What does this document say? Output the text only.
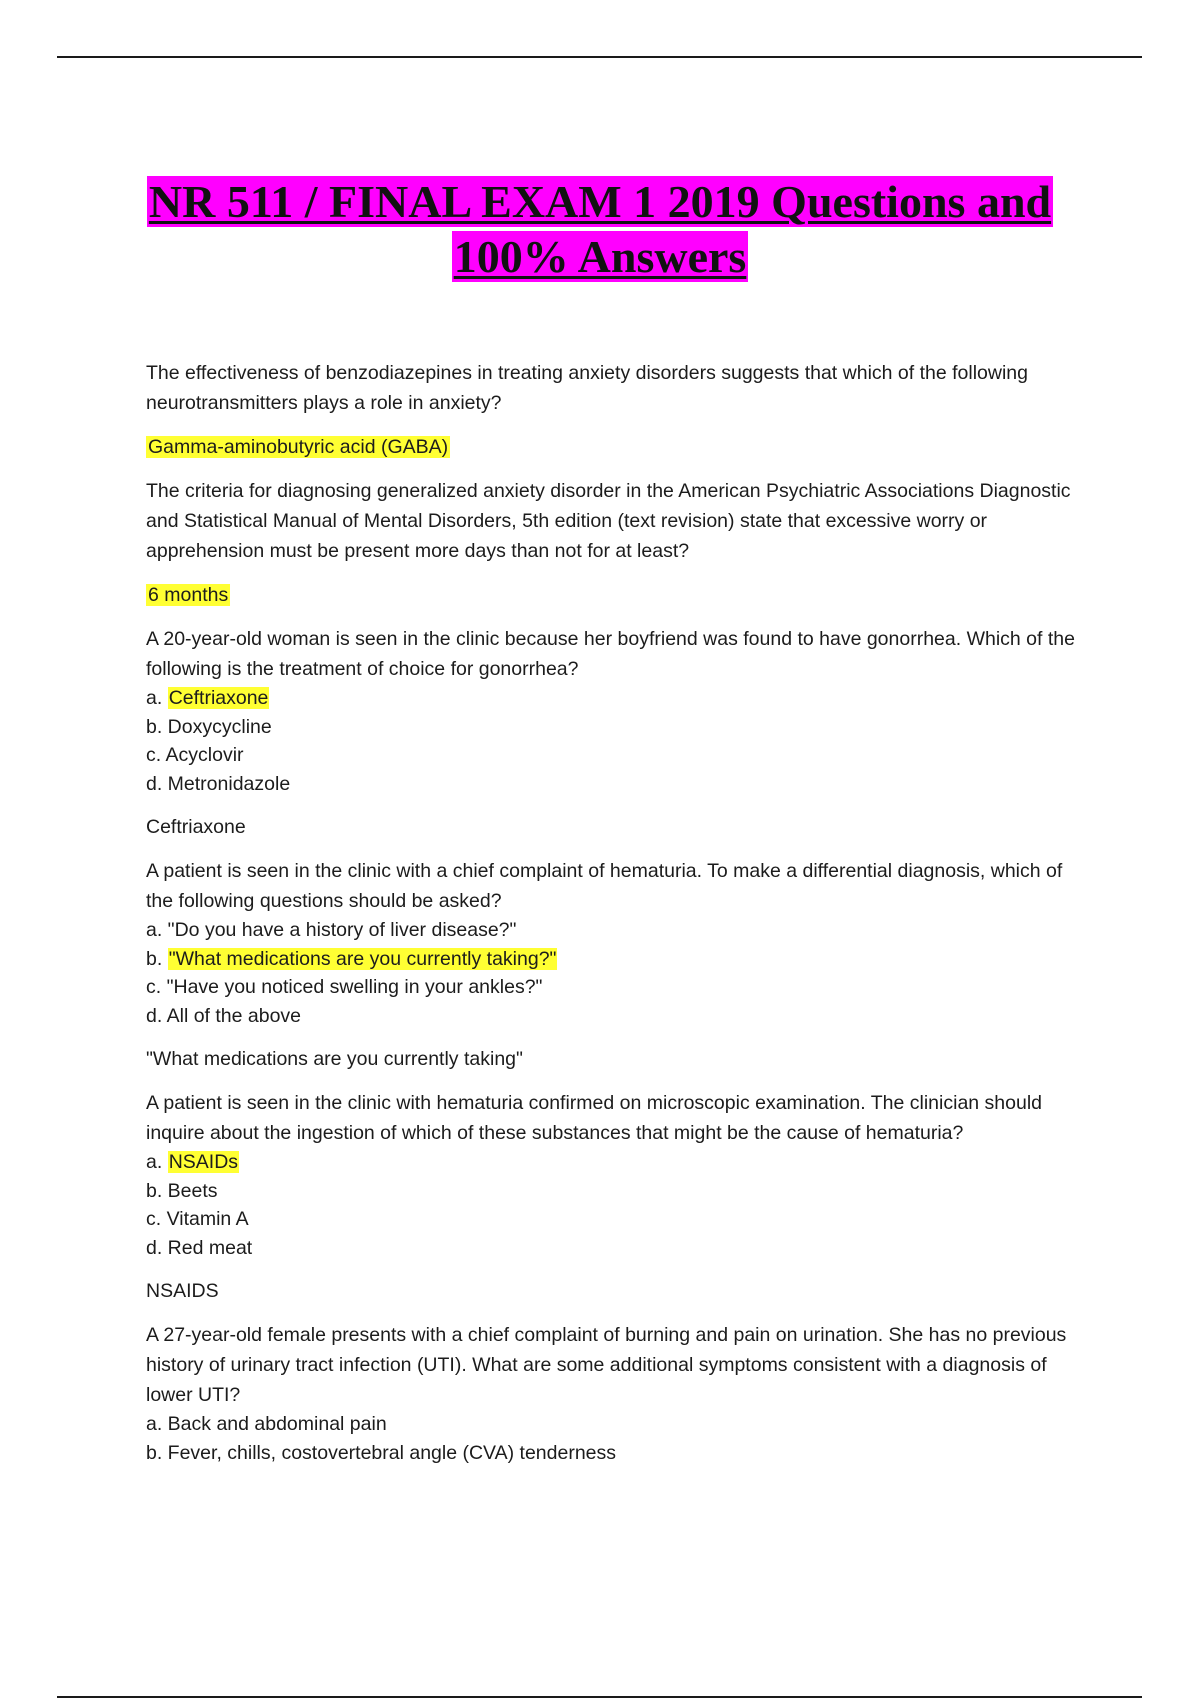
NR 511 / FINAL EXAM 1 2019 Questions and
100% Answers

The effectiveness of benzodiazepines in treating anxiety disorders suggests that which of the following neurotransmitters plays a role in anxiety?

Gamma-aminobutyric acid (GABA)

The criteria for diagnosing generalized anxiety disorder in the American Psychiatric Associations Diagnostic and Statistical Manual of Mental Disorders, 5th edition (text revision) state that excessive worry or apprehension must be present more days than not for at least?

6 months

A 20-year-old woman is seen in the clinic because her boyfriend was found to have gonorrhea. Which of the following is the treatment of choice for gonorrhea?

a. Ceftriaxone

b. Doxycycline

c. Acyclovir

d. Metronidazole

Ceftriaxone

A patient is seen in the clinic with a chief complaint of hematuria. To make a differential diagnosis, which of the following questions should be asked?

a. "Do you have a history of liver disease?"

b. "What medications are you currently taking?"

c. "Have you noticed swelling in your ankles?"

d. All of the above

"What medications are you currently taking"

A patient is seen in the clinic with hematuria confirmed on microscopic examination. The clinician should inquire about the ingestion of which of these substances that might be the cause of hematuria?

a. NSAIDs

b. Beets

c. Vitamin A

d. Red meat

NSAIDS

A 27-year-old female presents with a chief complaint of burning and pain on urination. She has no previous history of urinary tract infection (UTI). What are some additional symptoms consistent with a diagnosis of lower UTI?

a. Back and abdominal pain

b. Fever, chills, costovertebral angle (CVA) tenderness
